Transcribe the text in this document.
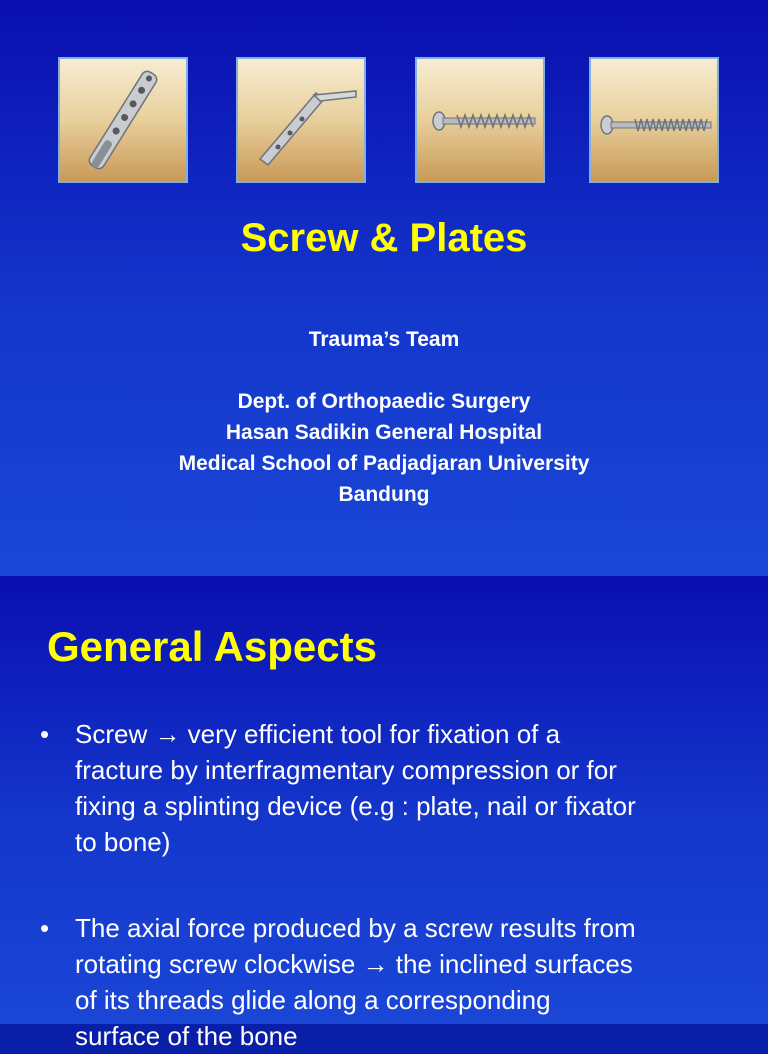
Screw & Plates
Trauma’s Team
Dept. of Orthopaedic Surgery
Hasan Sadikin General Hospital
Medical School of Padjadjaran University
Bandung
General Aspects
• Screw → very efficient tool for fixation of a
fracture by interfragmentary compression or for
fixing a splinting device (e.g : plate, nail or fixator
to bone)
• The axial force produced by a screw results from
rotating screw clockwise → the inclined surfaces
of its threads glide along a corresponding
surface of the bone
